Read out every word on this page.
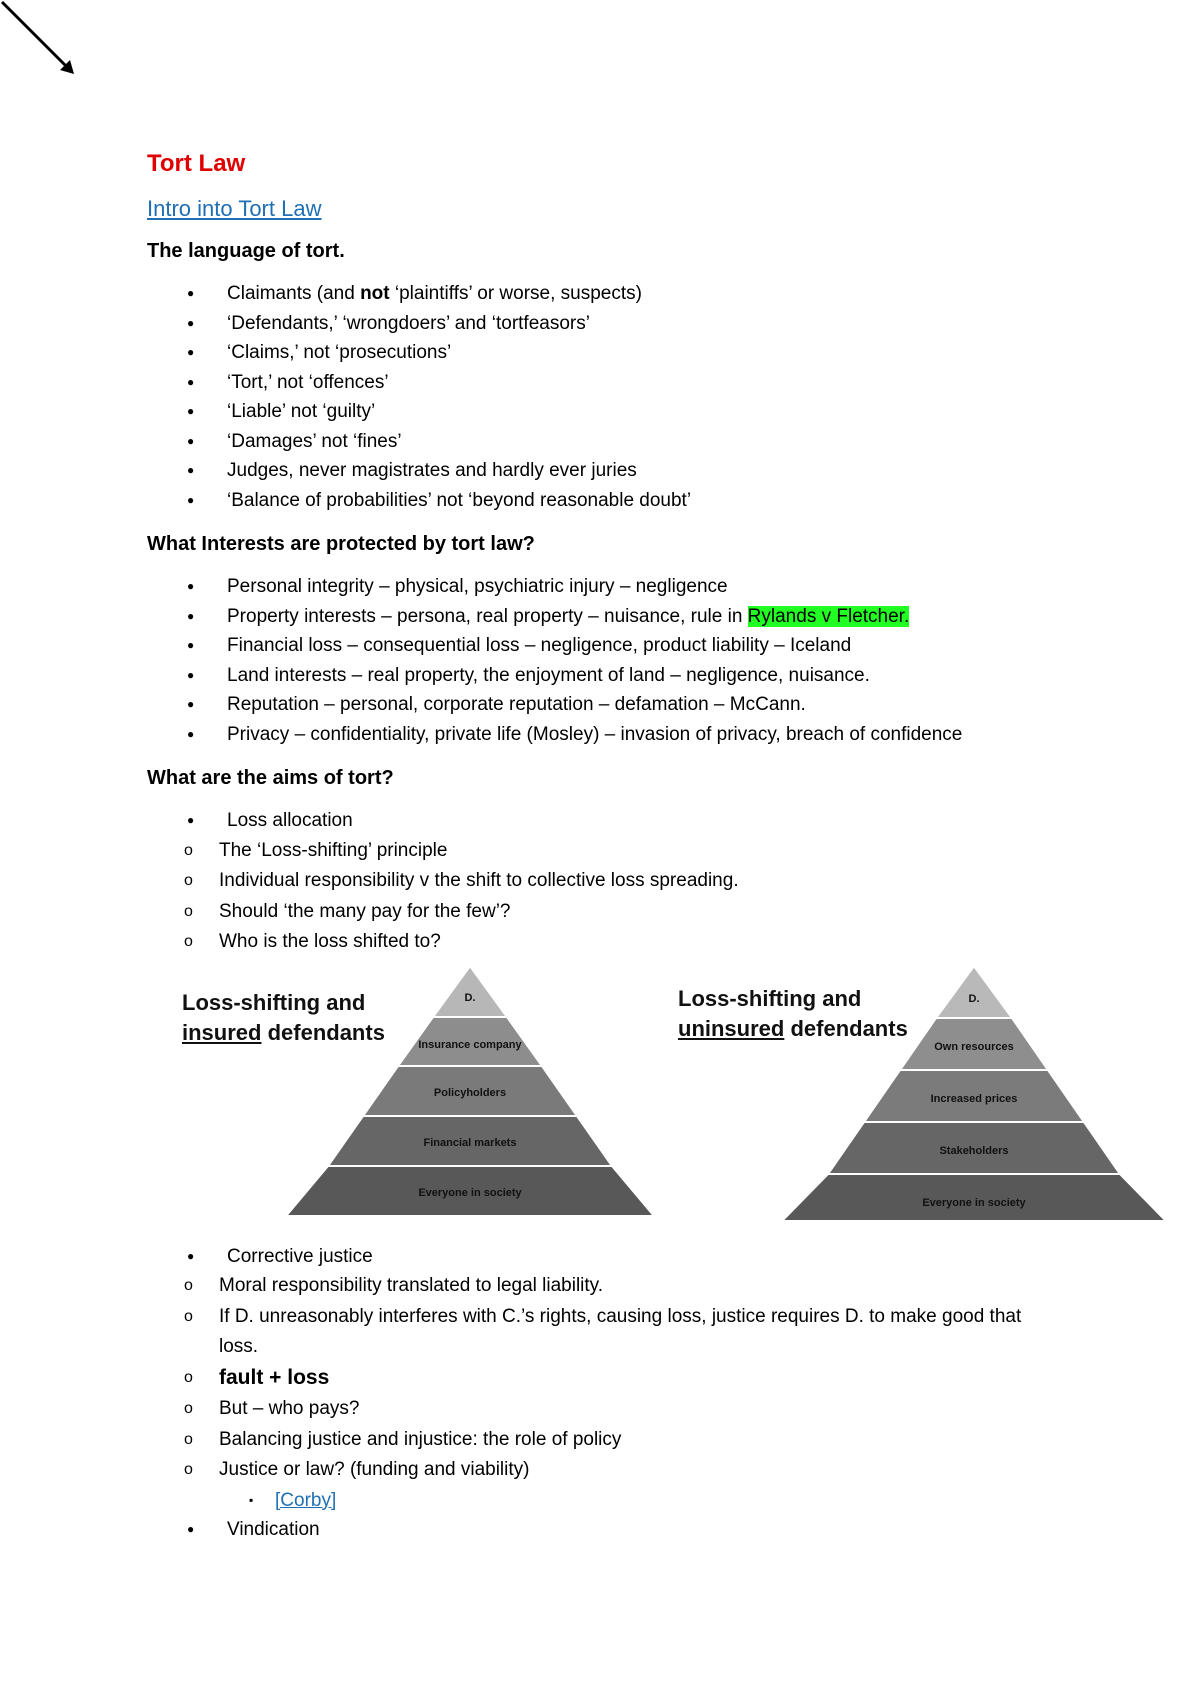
Tort Law
Intro into Tort Law
The language of tort.
● Claimants (and not ‘plaintiffs’ or worse, suspects)
● ‘Defendants,’ ‘wrongdoers’ and ‘tortfeasors’
● ‘Claims,’ not ‘prosecutions’
● ‘Tort,’ not ‘offences’
● ‘Liable’ not ‘guilty’
● ‘Damages’ not ‘fines’
● Judges, never magistrates and hardly ever juries
● ‘Balance of probabilities’ not ‘beyond reasonable doubt’
What Interests are protected by tort law?
● Personal integrity – physical, psychiatric injury – negligence
● Property interests – persona, real property – nuisance, rule in Rylands v Fletcher.
● Financial loss – consequential loss – negligence, product liability – Iceland
● Land interests – real property, the enjoyment of land – negligence, nuisance.
● Reputation – personal, corporate reputation – defamation – McCann.
● Privacy – confidentiality, private life (Mosley) – invasion of privacy, breach of confidence
What are the aims of tort?
● Loss allocation
o The ‘Loss-shifting’ principle
o Individual responsibility v the shift to collective loss spreading.
o Should ‘the many pay for the few’?
o Who is the loss shifted to?
Loss-shifting and
insured defendants
D.
Insurance company
Policyholders
Financial markets
Everyone in society
Loss-shifting and
uninsured defendants
D.
Own resources
Increased prices
Stakeholders
Everyone in society
● Corrective justice
o Moral responsibility translated to legal liability.
o If D. unreasonably interferes with C.’s rights, causing loss, justice requires D. to make good that loss.
o fault + loss
o But – who pays?
o Balancing justice and injustice: the role of policy
o Justice or law? (funding and viability)
▪ [Corby]
● Vindication
